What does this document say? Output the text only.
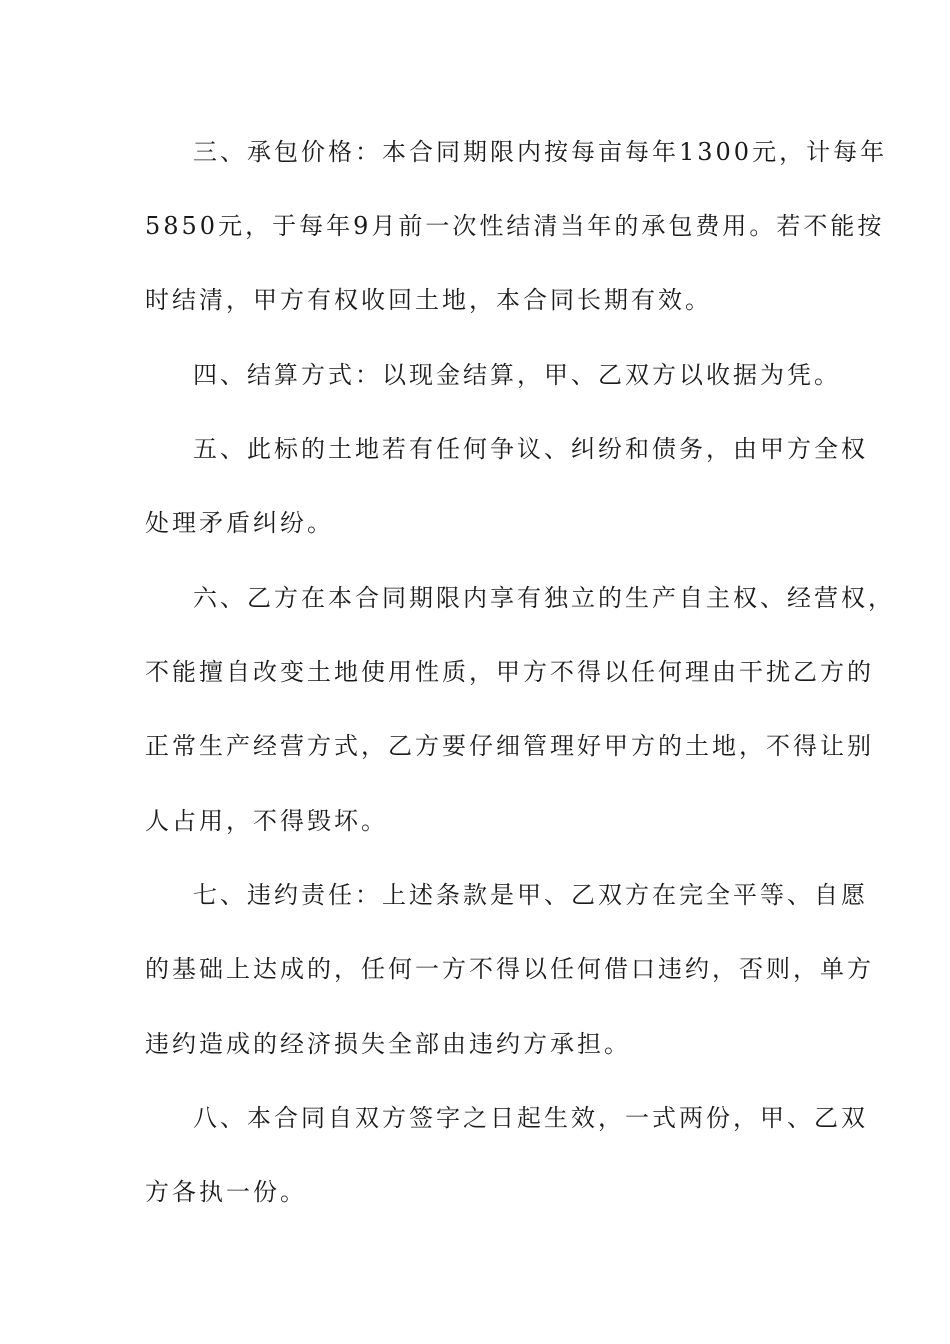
三、承包价格：本合同期限内按每亩每年1300元，计每年
5850元，于每年9月前一次性结清当年的承包费用。若不能按
时结清，甲方有权收回土地，本合同长期有效。
四、结算方式：以现金结算，甲、乙双方以收据为凭。
五、此标的土地若有任何争议、纠纷和债务，由甲方全权
处理矛盾纠纷。
六、乙方在本合同期限内享有独立的生产自主权、经营权，
不能擅自改变土地使用性质，甲方不得以任何理由干扰乙方的
正常生产经营方式，乙方要仔细管理好甲方的土地，不得让别
人占用，不得毁坏。
七、违约责任：上述条款是甲、乙双方在完全平等、自愿
的基础上达成的，任何一方不得以任何借口违约，否则，单方
违约造成的经济损失全部由违约方承担。
八、本合同自双方签字之日起生效，一式两份，甲、乙双
方各执一份。
